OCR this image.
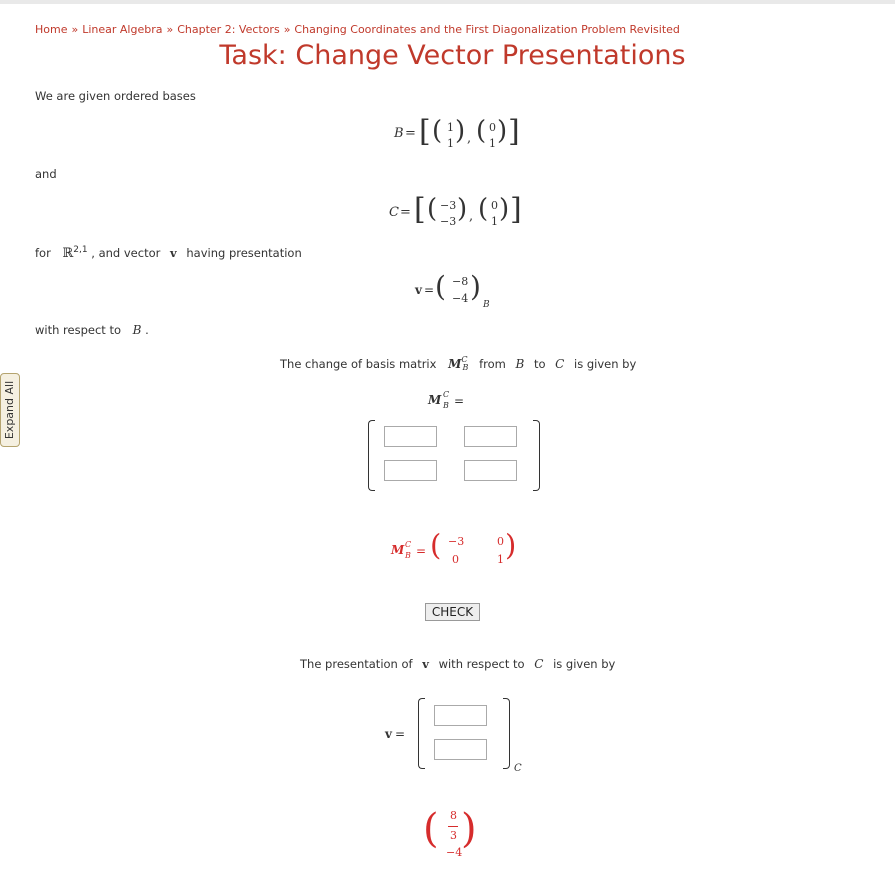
Home » Linear Algebra » Chapter 2: Vectors » Changing Coordinates and the First Diagonalization Problem Revisited
Task: Change Vector Presentations
Expand All
We are given ordered bases
B = [ ( 1
1 ) , ( 0
1 ) ]
and
C = [ ( −3
−3 ) , ( 0
1 ) ]
for ℝ$^{2,1}$ , and vector v having presentation
v = ( −8
−4 )
B
with respect to B .
The change of basis matrix $M^CB$ from B to C is given by
M C
B =
M C
B = ( −3	0
0	1 )
CHECK
The presentation of v with respect to C is given by
v =
C
( 8
3
−4
)
